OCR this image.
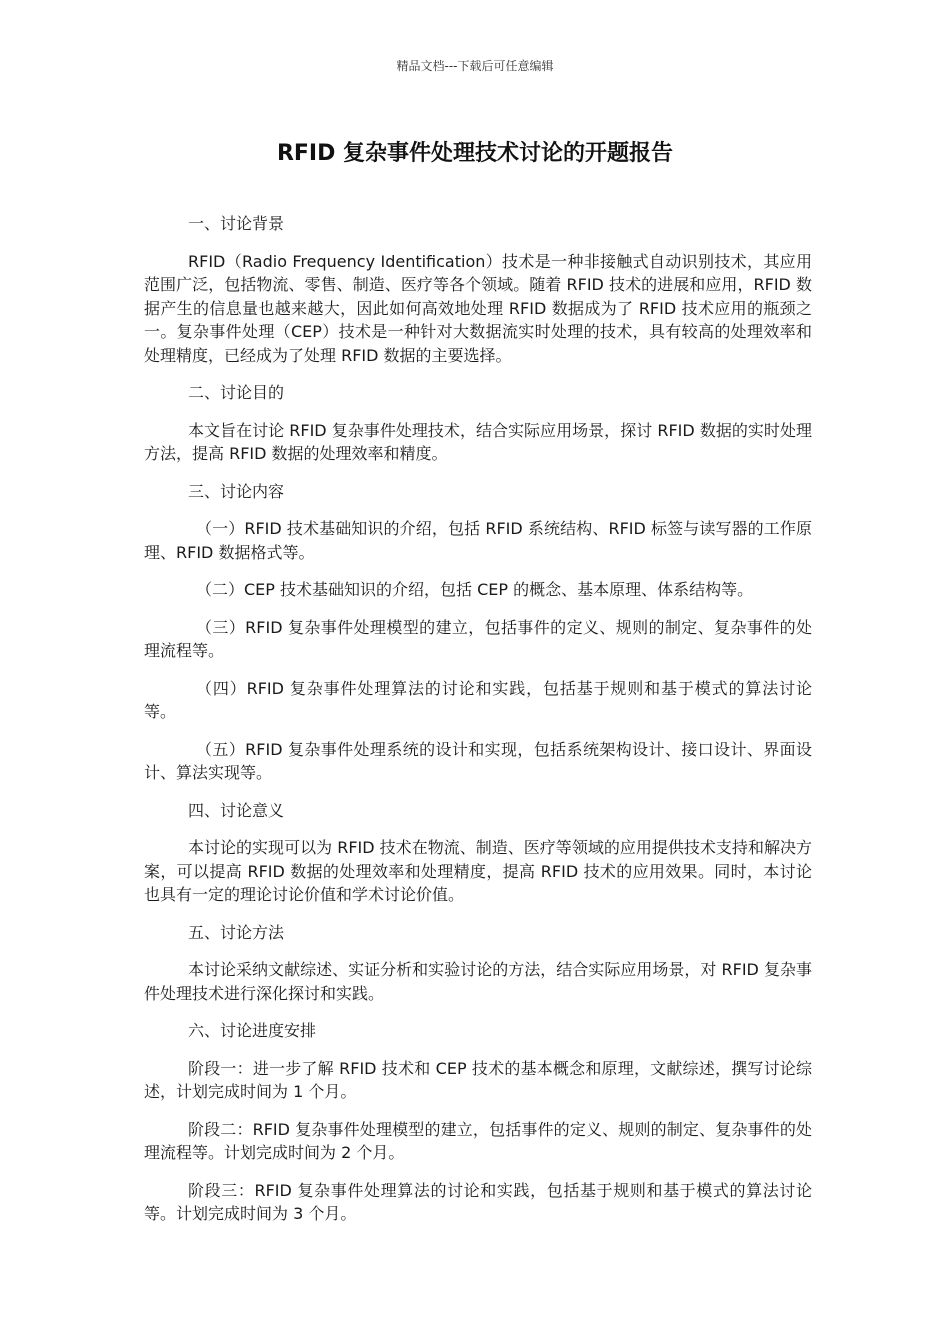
精品文档---下载后可任意编辑
RFID 复杂事件处理技术讨论的开题报告

一、讨论背景

RFID（Radio Frequency Identification）技术是一种非接触式自动识别技术，其应用范围广泛，包括物流、零售、制造、医疗等各个领域。随着 RFID 技术的进展和应用，RFID 数据产生的信息量也越来越大，因此如何高效地处理 RFID 数据成为了 RFID 技术应用的瓶颈之一。复杂事件处理（CEP）技术是一种针对大数据流实时处理的技术，具有较高的处理效率和处理精度，已经成为了处理 RFID 数据的主要选择。

二、讨论目的

本文旨在讨论 RFID 复杂事件处理技术，结合实际应用场景，探讨 RFID 数据的实时处理方法，提高 RFID 数据的处理效率和精度。

三、讨论内容

（一）RFID 技术基础知识的介绍，包括 RFID 系统结构、RFID 标签与读写器的工作原理、RFID 数据格式等。

（二）CEP 技术基础知识的介绍，包括 CEP 的概念、基本原理、体系结构等。

（三）RFID 复杂事件处理模型的建立，包括事件的定义、规则的制定、复杂事件的处理流程等。

（四）RFID 复杂事件处理算法的讨论和实践，包括基于规则和基于模式的算法讨论等。

（五）RFID 复杂事件处理系统的设计和实现，包括系统架构设计、接口设计、界面设计、算法实现等。

四、讨论意义

本讨论的实现可以为 RFID 技术在物流、制造、医疗等领域的应用提供技术支持和解决方案，可以提高 RFID 数据的处理效率和处理精度，提高 RFID 技术的应用效果。同时，本讨论也具有一定的理论讨论价值和学术讨论价值。

五、讨论方法

本讨论采纳文献综述、实证分析和实验讨论的方法，结合实际应用场景，对 RFID 复杂事件处理技术进行深化探讨和实践。

六、讨论进度安排

阶段一：进一步了解 RFID 技术和 CEP 技术的基本概念和原理，文献综述，撰写讨论综述，计划完成时间为 1 个月。

阶段二：RFID 复杂事件处理模型的建立，包括事件的定义、规则的制定、复杂事件的处理流程等。计划完成时间为 2 个月。

阶段三：RFID 复杂事件处理算法的讨论和实践，包括基于规则和基于模式的算法讨论等。计划完成时间为 3 个月。
